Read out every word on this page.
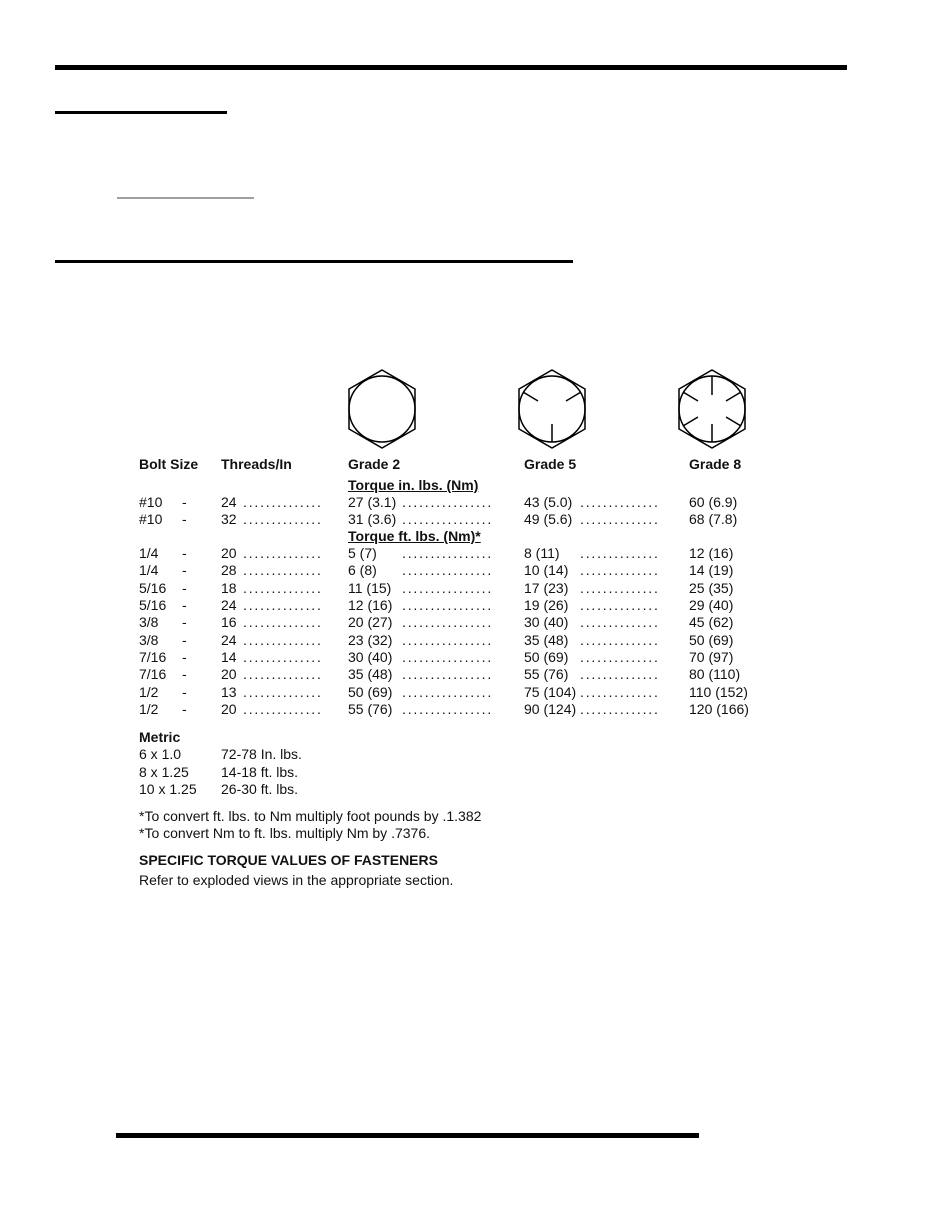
Bolt Size Threads/In	Grade 2	Grade 5	Grade 8
Torque in. lbs. (Nm)
#10 - 24 .............. 27 (3.1) ................ 43 (5.0) .............. 60 (6.9)
#10 - 32 .............. 31 (3.6) ................ 49 (5.6) .............. 68 (7.8)
Torque ft. lbs. (Nm)*
1/4 - 20 .............. 5 (7) ................ 8 (11) .............. 12 (16)
1/4 - 28 .............. 6 (8) ................ 10 (14) .............. 14 (19)
5/16 - 18 .............. 11 (15) ................ 17 (23) .............. 25 (35)
5/16 - 24 .............. 12 (16) ................ 19 (26) .............. 29 (40)
3/8 - 16 .............. 20 (27) ................ 30 (40) .............. 45 (62)
3/8 - 24 .............. 23 (32) ................ 35 (48) .............. 50 (69)
7/16 - 14 .............. 30 (40) ................ 50 (69) .............. 70 (97)
7/16 - 20 .............. 35 (48) ................ 55 (76) .............. 80 (110)
1/2 - 13 .............. 50 (69) ................ 75 (104) .............. 110 (152)
1/2 - 20 .............. 55 (76) ................ 90 (124) .............. 120 (166)
Metric
6 x 1.0	72-78 In. lbs.
8 x 1.25 14-18 ft. lbs.
10 x 1.25 26-30 ft. lbs.
*To convert ft. lbs. to Nm multiply foot pounds by .1.382
*To convert Nm to ft. lbs. multiply Nm by .7376.
SPECIFIC TORQUE VALUES OF FASTENERS
Refer to exploded views in the appropriate section.
